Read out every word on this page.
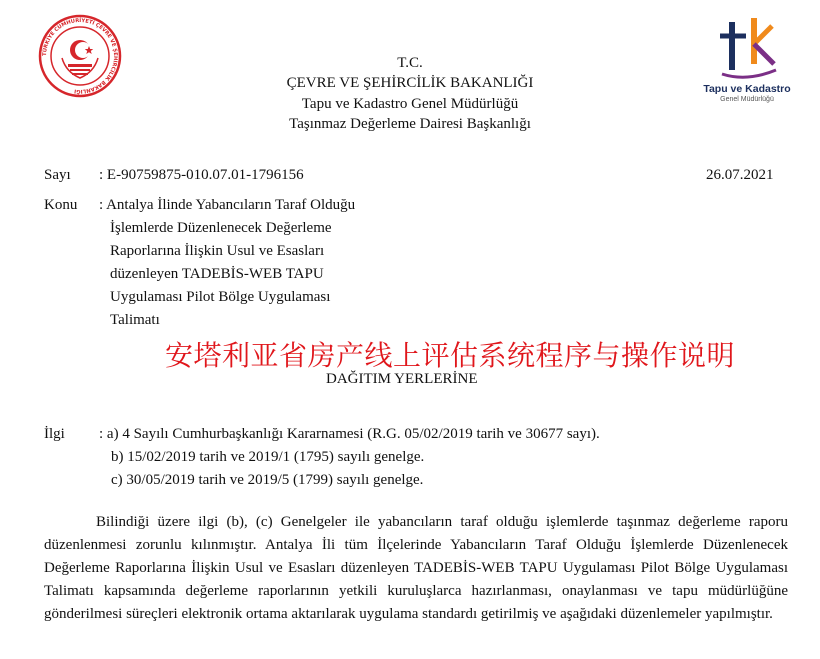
TÜRKİYE CUMHURİYETİ ÇEVRE VE ŞEHİRCİLİK BAKANLIĞI	Tapu ve Kadastro
Genel Müdürlüğü
T.C.
ÇEVRE VE ŞEHİRCİLİK BAKANLIĞI
Tapu ve Kadastro Genel Müdürlüğü
Taşınmaz Değerleme Dairesi Başkanlığı
Sayı : E-90759875-010.07.01-1796156	26.07.2021
Konu : Antalya İlinde Yabancıların Taraf Olduğu
İşlemlerde Düzenlenecek Değerleme
Raporlarına İlişkin Usul ve Esasları
düzenleyen TADEBİS-WEB TAPU
Uygulaması Pilot Bölge Uygulaması
Talimatı
安塔利亚省房产线上评估系统程序与操作说明
DAĞITIM YERLERİNE
İlgi : a) 4 Sayılı Cumhurbaşkanlığı Kararnamesi (R.G. 05/02/2019 tarih ve 30677 sayı).
b) 15/02/2019 tarih ve 2019/1 (1795) sayılı genelge.
c) 30/05/2019 tarih ve 2019/5 (1799) sayılı genelge.
Bilindiği üzere ilgi (b), (c) Genelgeler ile yabancıların taraf olduğu işlemlerde taşınmaz değerleme raporu düzenlenmesi zorunlu kılınmıştır. Antalya İli tüm İlçelerinde Yabancıların Taraf Olduğu İşlemlerde Düzenlenecek Değerleme Raporlarına İlişkin Usul ve Esasları düzenleyen TADEBİS-WEB TAPU Uygulaması Pilot Bölge Uygulaması Talimatı kapsamında değerleme raporlarının yetkili kuruluşlarca hazırlanması, onaylanması ve tapu müdürlüğüne gönderilmesi süreçleri elektronik ortama aktarılarak uygulama standardı getirilmiş ve aşağıdaki düzenlemeler yapılmıştır.
